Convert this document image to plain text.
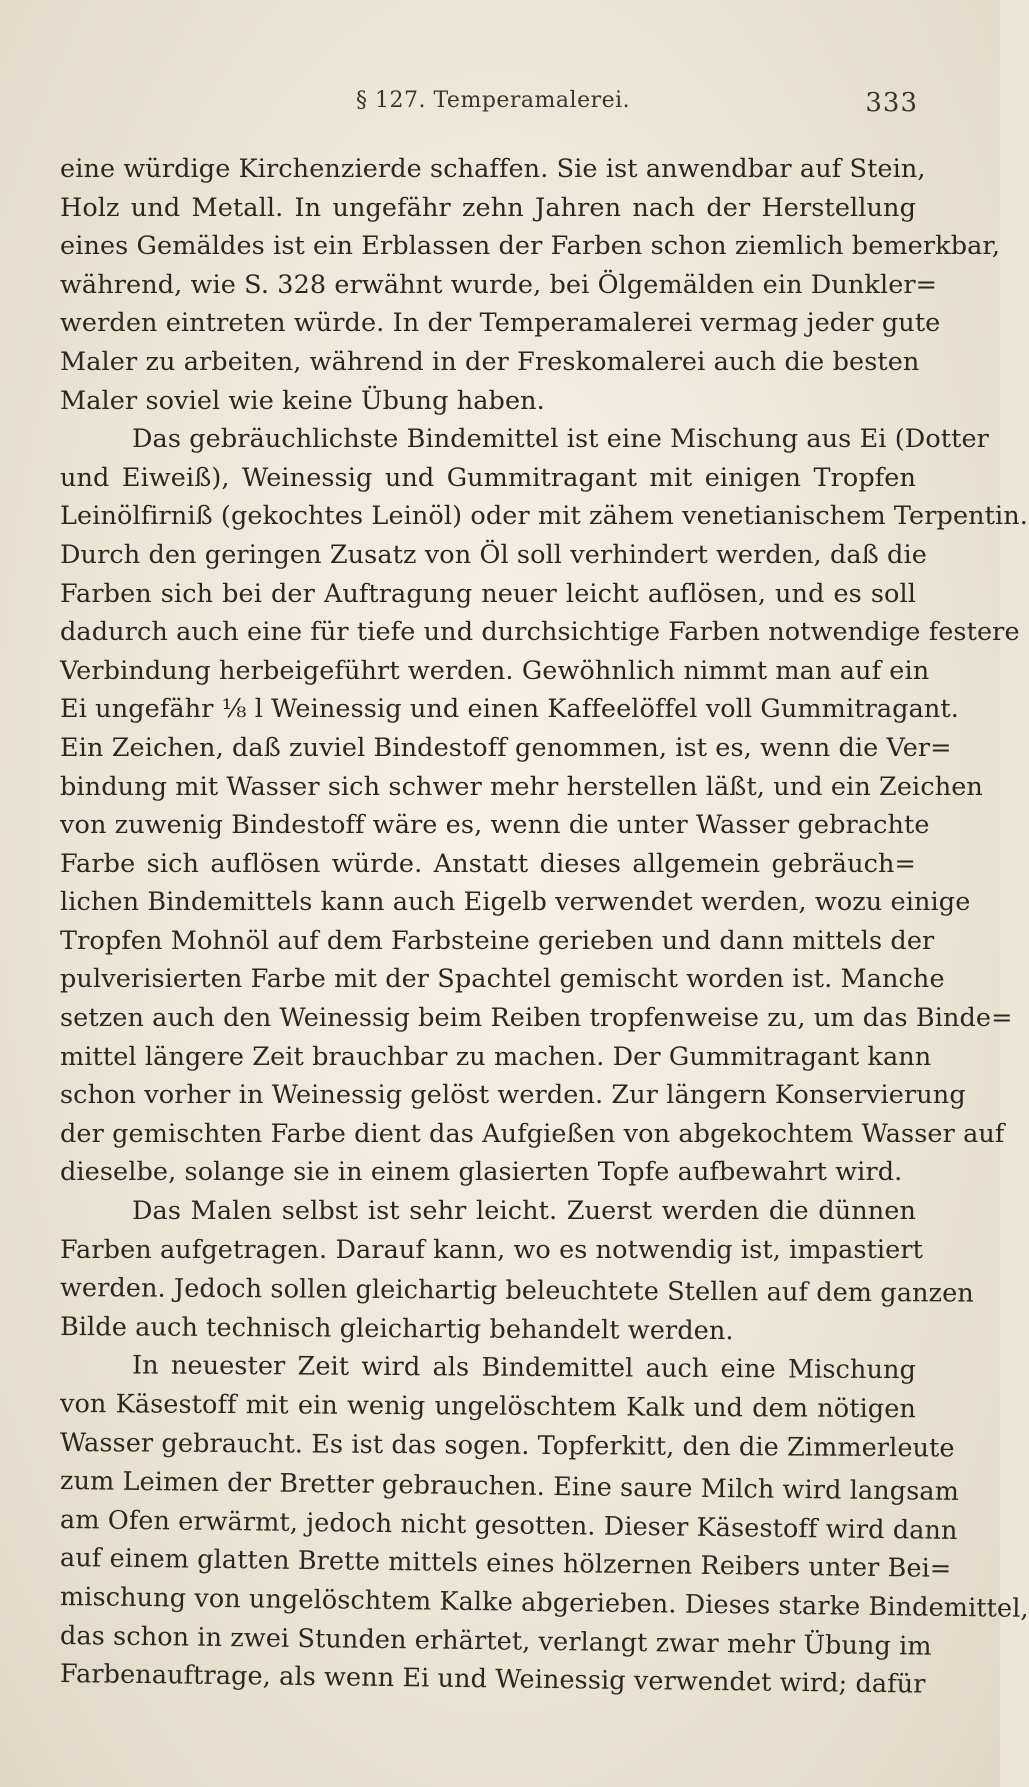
§ 127. Temperamalerei.	333
eine würdige Kirchenzierde schaffen. Sie ist anwendbar auf Stein,
Holz und Metall. In ungefähr zehn Jahren nach der Herstellung
eines Gemäldes ist ein Erblassen der Farben schon ziemlich bemerkbar,
während, wie S. 328 erwähnt wurde, bei Ölgemälden ein Dunkler=
werden eintreten würde. In der Temperamalerei vermag jeder gute
Maler zu arbeiten, während in der Freskomalerei auch die besten
Maler soviel wie keine Übung haben.
Das gebräuchlichste Bindemittel ist eine Mischung aus Ei (Dotter
und Eiweiß), Weinessig und Gummitragant mit einigen Tropfen
Leinölfirniß (gekochtes Leinöl) oder mit zähem venetianischem Terpentin.
Durch den geringen Zusatz von Öl soll verhindert werden, daß die
Farben sich bei der Auftragung neuer leicht auflösen, und es soll
dadurch auch eine für tiefe und durchsichtige Farben notwendige festere
Verbindung herbeigeführt werden. Gewöhnlich nimmt man auf ein
Ei ungefähr ⅛ l Weinessig und einen Kaffeelöffel voll Gummitragant.
Ein Zeichen, daß zuviel Bindestoff genommen, ist es, wenn die Ver=
bindung mit Wasser sich schwer mehr herstellen läßt, und ein Zeichen
von zuwenig Bindestoff wäre es, wenn die unter Wasser gebrachte
Farbe sich auflösen würde. Anstatt dieses allgemein gebräuch=
lichen Bindemittels kann auch Eigelb verwendet werden, wozu einige
Tropfen Mohnöl auf dem Farbsteine gerieben und dann mittels der
pulverisierten Farbe mit der Spachtel gemischt worden ist. Manche
setzen auch den Weinessig beim Reiben tropfenweise zu, um das Binde=
mittel längere Zeit brauchbar zu machen. Der Gummitragant kann
schon vorher in Weinessig gelöst werden. Zur längern Konservierung
der gemischten Farbe dient das Aufgießen von abgekochtem Wasser auf
dieselbe, solange sie in einem glasierten Topfe aufbewahrt wird.
Das Malen selbst ist sehr leicht. Zuerst werden die dünnen
Farben aufgetragen. Darauf kann, wo es notwendig ist, impastiert
werden. Jedoch sollen gleichartig beleuchtete Stellen auf dem ganzen
Bilde auch technisch gleichartig behandelt werden.
In neuester Zeit wird als Bindemittel auch eine Mischung
von Käsestoff mit ein wenig ungelöschtem Kalk und dem nötigen
Wasser gebraucht. Es ist das sogen. Topferkitt, den die Zimmerleute
zum Leimen der Bretter gebrauchen. Eine saure Milch wird langsam
am Ofen erwärmt, jedoch nicht gesotten. Dieser Käsestoff wird dann
auf einem glatten Brette mittels eines hölzernen Reibers unter Bei=
mischung von ungelöschtem Kalke abgerieben. Dieses starke Bindemittel,
das schon in zwei Stunden erhärtet, verlangt zwar mehr Übung im
Farbenauftrage, als wenn Ei und Weinessig verwendet wird; dafür
